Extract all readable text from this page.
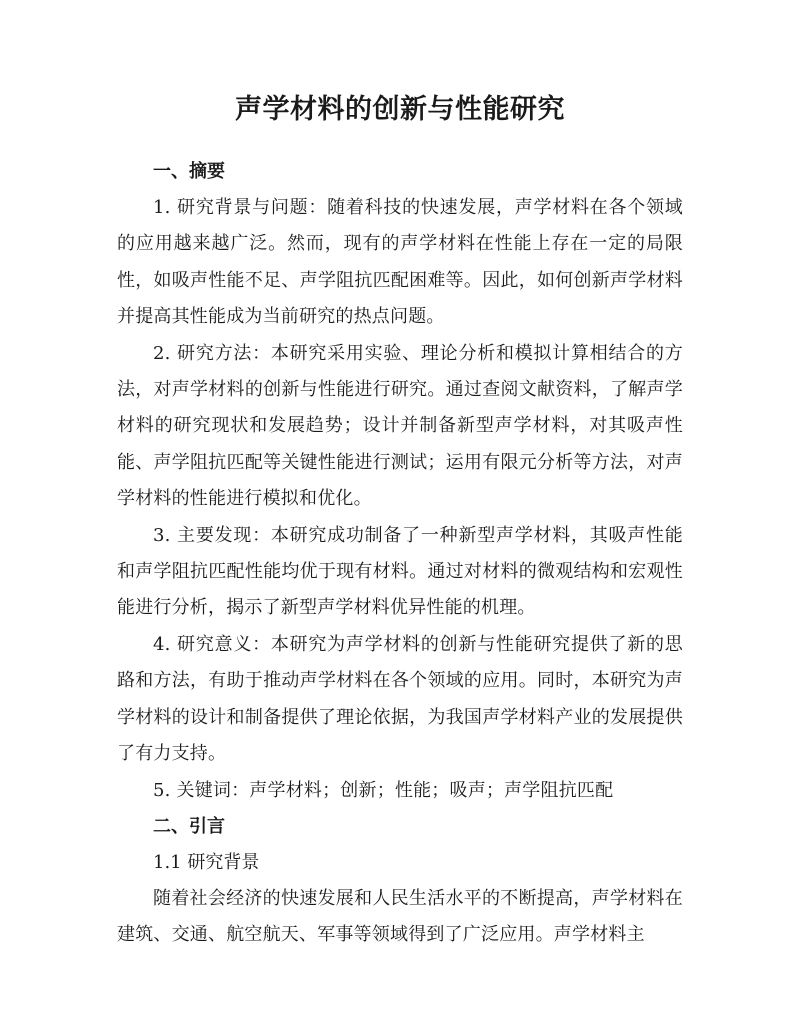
声学材料的创新与性能研究
一、摘要

1. 研究背景与问题：随着科技的快速发展，声学材料在各个领域的应用越来越广泛。然而，现有的声学材料在性能上存在一定的局限性，如吸声性能不足、声学阻抗匹配困难等。因此，如何创新声学材料并提高其性能成为当前研究的热点问题。

2. 研究方法：本研究采用实验、理论分析和模拟计算相结合的方法，对声学材料的创新与性能进行研究。通过查阅文献资料，了解声学材料的研究现状和发展趋势；设计并制备新型声学材料，对其吸声性能、声学阻抗匹配等关键性能进行测试；运用有限元分析等方法，对声学材料的性能进行模拟和优化。

3. 主要发现：本研究成功制备了一种新型声学材料，其吸声性能和声学阻抗匹配性能均优于现有材料。通过对材料的微观结构和宏观性能进行分析，揭示了新型声学材料优异性能的机理。

4. 研究意义：本研究为声学材料的创新与性能研究提供了新的思路和方法，有助于推动声学材料在各个领域的应用。同时，本研究为声学材料的设计和制备提供了理论依据，为我国声学材料产业的发展提供了有力支持。

5. 关键词：声学材料；创新；性能；吸声；声学阻抗匹配

二、引言

1.1 研究背景

随着社会经济的快速发展和人民生活水平的不断提高，声学材料在建筑、交通、航空航天、军事等领域得到了广泛应用。声学材料主
